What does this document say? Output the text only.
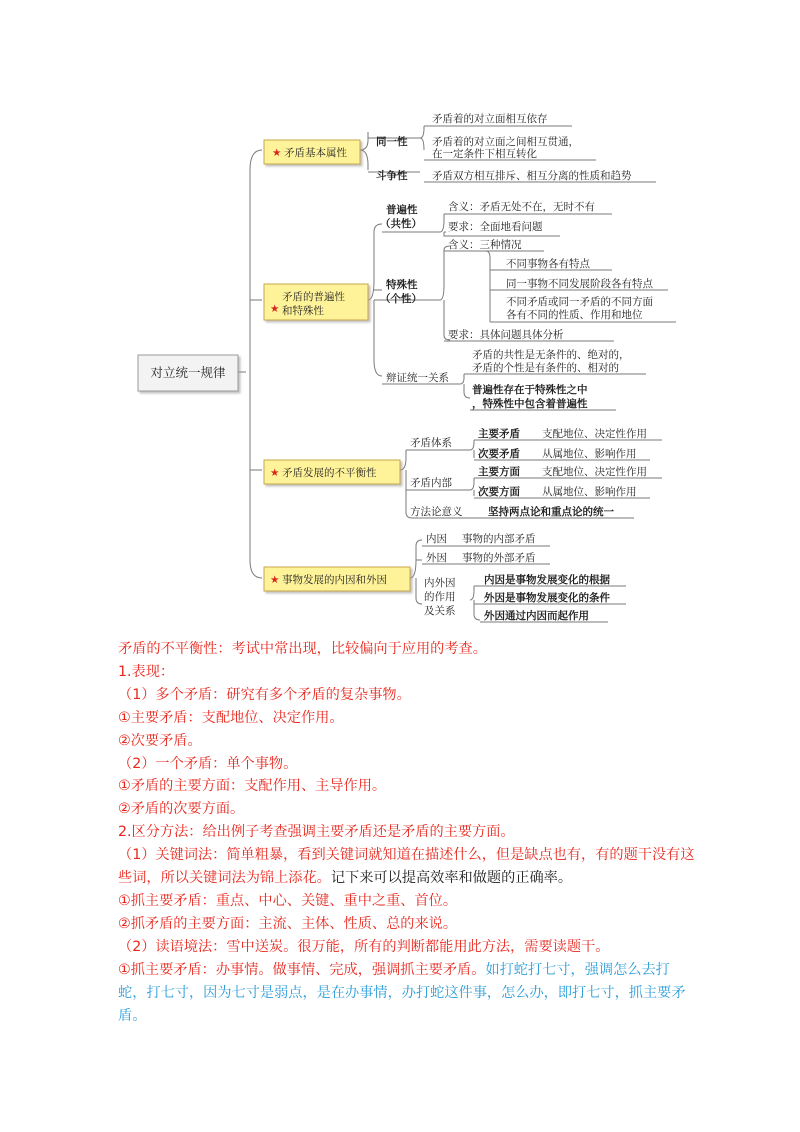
对立统一规律
★ 矛盾基本属性
★
矛盾的普遍性
和特殊性
★ 矛盾发展的不平衡性
★ 事物发展的内因和外因
同一性
矛盾着的对立面相互依存
矛盾着的对立面之间相互贯通，
在一定条件下相互转化
斗争性 矛盾双方相互排斥、相互分离的性质和趋势
普遍性
（共性）
含义：矛盾无处不在，无时不有
要求：全面地看问题
特殊性
（个性）
含义：三种情况
不同事物各有特点
同一事物不同发展阶段各有特点
不同矛盾或同一矛盾的不同方面
各有不同的性质、作用和地位
要求：具体问题具体分析
辩证统一关系
矛盾的共性是无条件的、绝对的，
矛盾的个性是有条件的、相对的
普遍性存在于特殊性之中
，特殊性中包含着普遍性
矛盾体系
主要矛盾 支配地位、决定性作用
次要矛盾 从属地位、影响作用
矛盾内部
主要方面 支配地位、决定性作用
次要方面 从属地位、影响作用
方法论意义 坚持两点论和重点论的统一
内因 事物的内部矛盾
外因 事物的外部矛盾
内外因
的作用
及关系
内因是事物发展变化的根据
外因是事物发展变化的条件
外因通过内因而起作用

矛盾的不平衡性：考试中常出现，比较偏向于应用的考查。

1.表现：

（1）多个矛盾：研究有多个矛盾的复杂事物。

①主要矛盾：支配地位、决定作用。

②次要矛盾。

（2）一个矛盾：单个事物。

①矛盾的主要方面：支配作用、主导作用。

②矛盾的次要方面。

2.区分方法：给出例子考查强调主要矛盾还是矛盾的主要方面。

（1）关键词法：简单粗暴，看到关键词就知道在描述什么，但是缺点也有，有的题干没有这些词，所以关键词法为锦上添花。记下来可以提高效率和做题的正确率。

①抓主要矛盾：重点、中心、关键、重中之重、首位。

②抓矛盾的主要方面：主流、主体、性质、总的来说。

（2）读语境法：雪中送炭。很万能，所有的判断都能用此方法，需要读题干。

①抓主要矛盾：办事情。做事情、完成，强调抓主要矛盾。如打蛇打七寸，强调怎么去打蛇，打七寸，因为七寸是弱点，是在办事情，办打蛇这件事，怎么办，即打七寸，抓主要矛盾。
